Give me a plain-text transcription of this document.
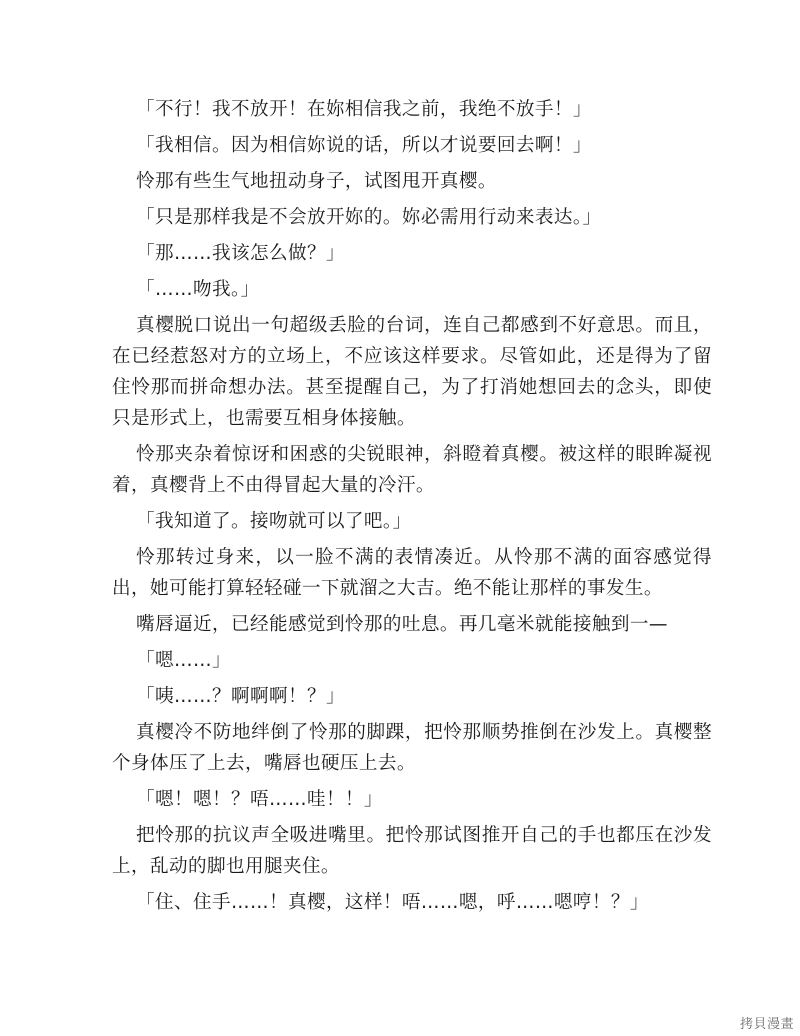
「不行！我不放开！在妳相信我之前，我绝不放手！」

「我相信。因为相信妳说的话，所以才说要回去啊！」

怜那有些生气地扭动身子，试图甩开真樱。

「只是那样我是不会放开妳的。妳必需用行动来表达。」

「那……我该怎么做？」

「……吻我。」

真樱脱口说出一句超级丢脸的台词，连自己都感到不好意思。而且，在已经惹怒对方的立场上，不应该这样要求。尽管如此，还是得为了留住怜那而拼命想办法。甚至提醒自己，为了打消她想回去的念头，即使只是形式上，也需要互相身体接触。

怜那夹杂着惊讶和困惑的尖锐眼神，斜瞪着真樱。被这样的眼眸凝视着，真樱背上不由得冒起大量的冷汗。

「我知道了。接吻就可以了吧。」

怜那转过身来，以一脸不满的表情凑近。从怜那不满的面容感觉得出，她可能打算轻轻碰一下就溜之大吉。绝不能让那样的事发生。

嘴唇逼近，已经能感觉到怜那的吐息。再几毫米就能接触到一—

「嗯……」

「咦……？啊啊啊！？」

真樱冷不防地绊倒了怜那的脚踝，把怜那顺势推倒在沙发上。真樱整个身体压了上去，嘴唇也硬压上去。

「嗯！嗯！？唔……哇！！」

把怜那的抗议声全吸进嘴里。把怜那试图推开自己的手也都压在沙发上，乱动的脚也用腿夹住。

「住、住手……！真樱，这样！唔……嗯，呼……嗯哼！？」

拷貝漫畫
